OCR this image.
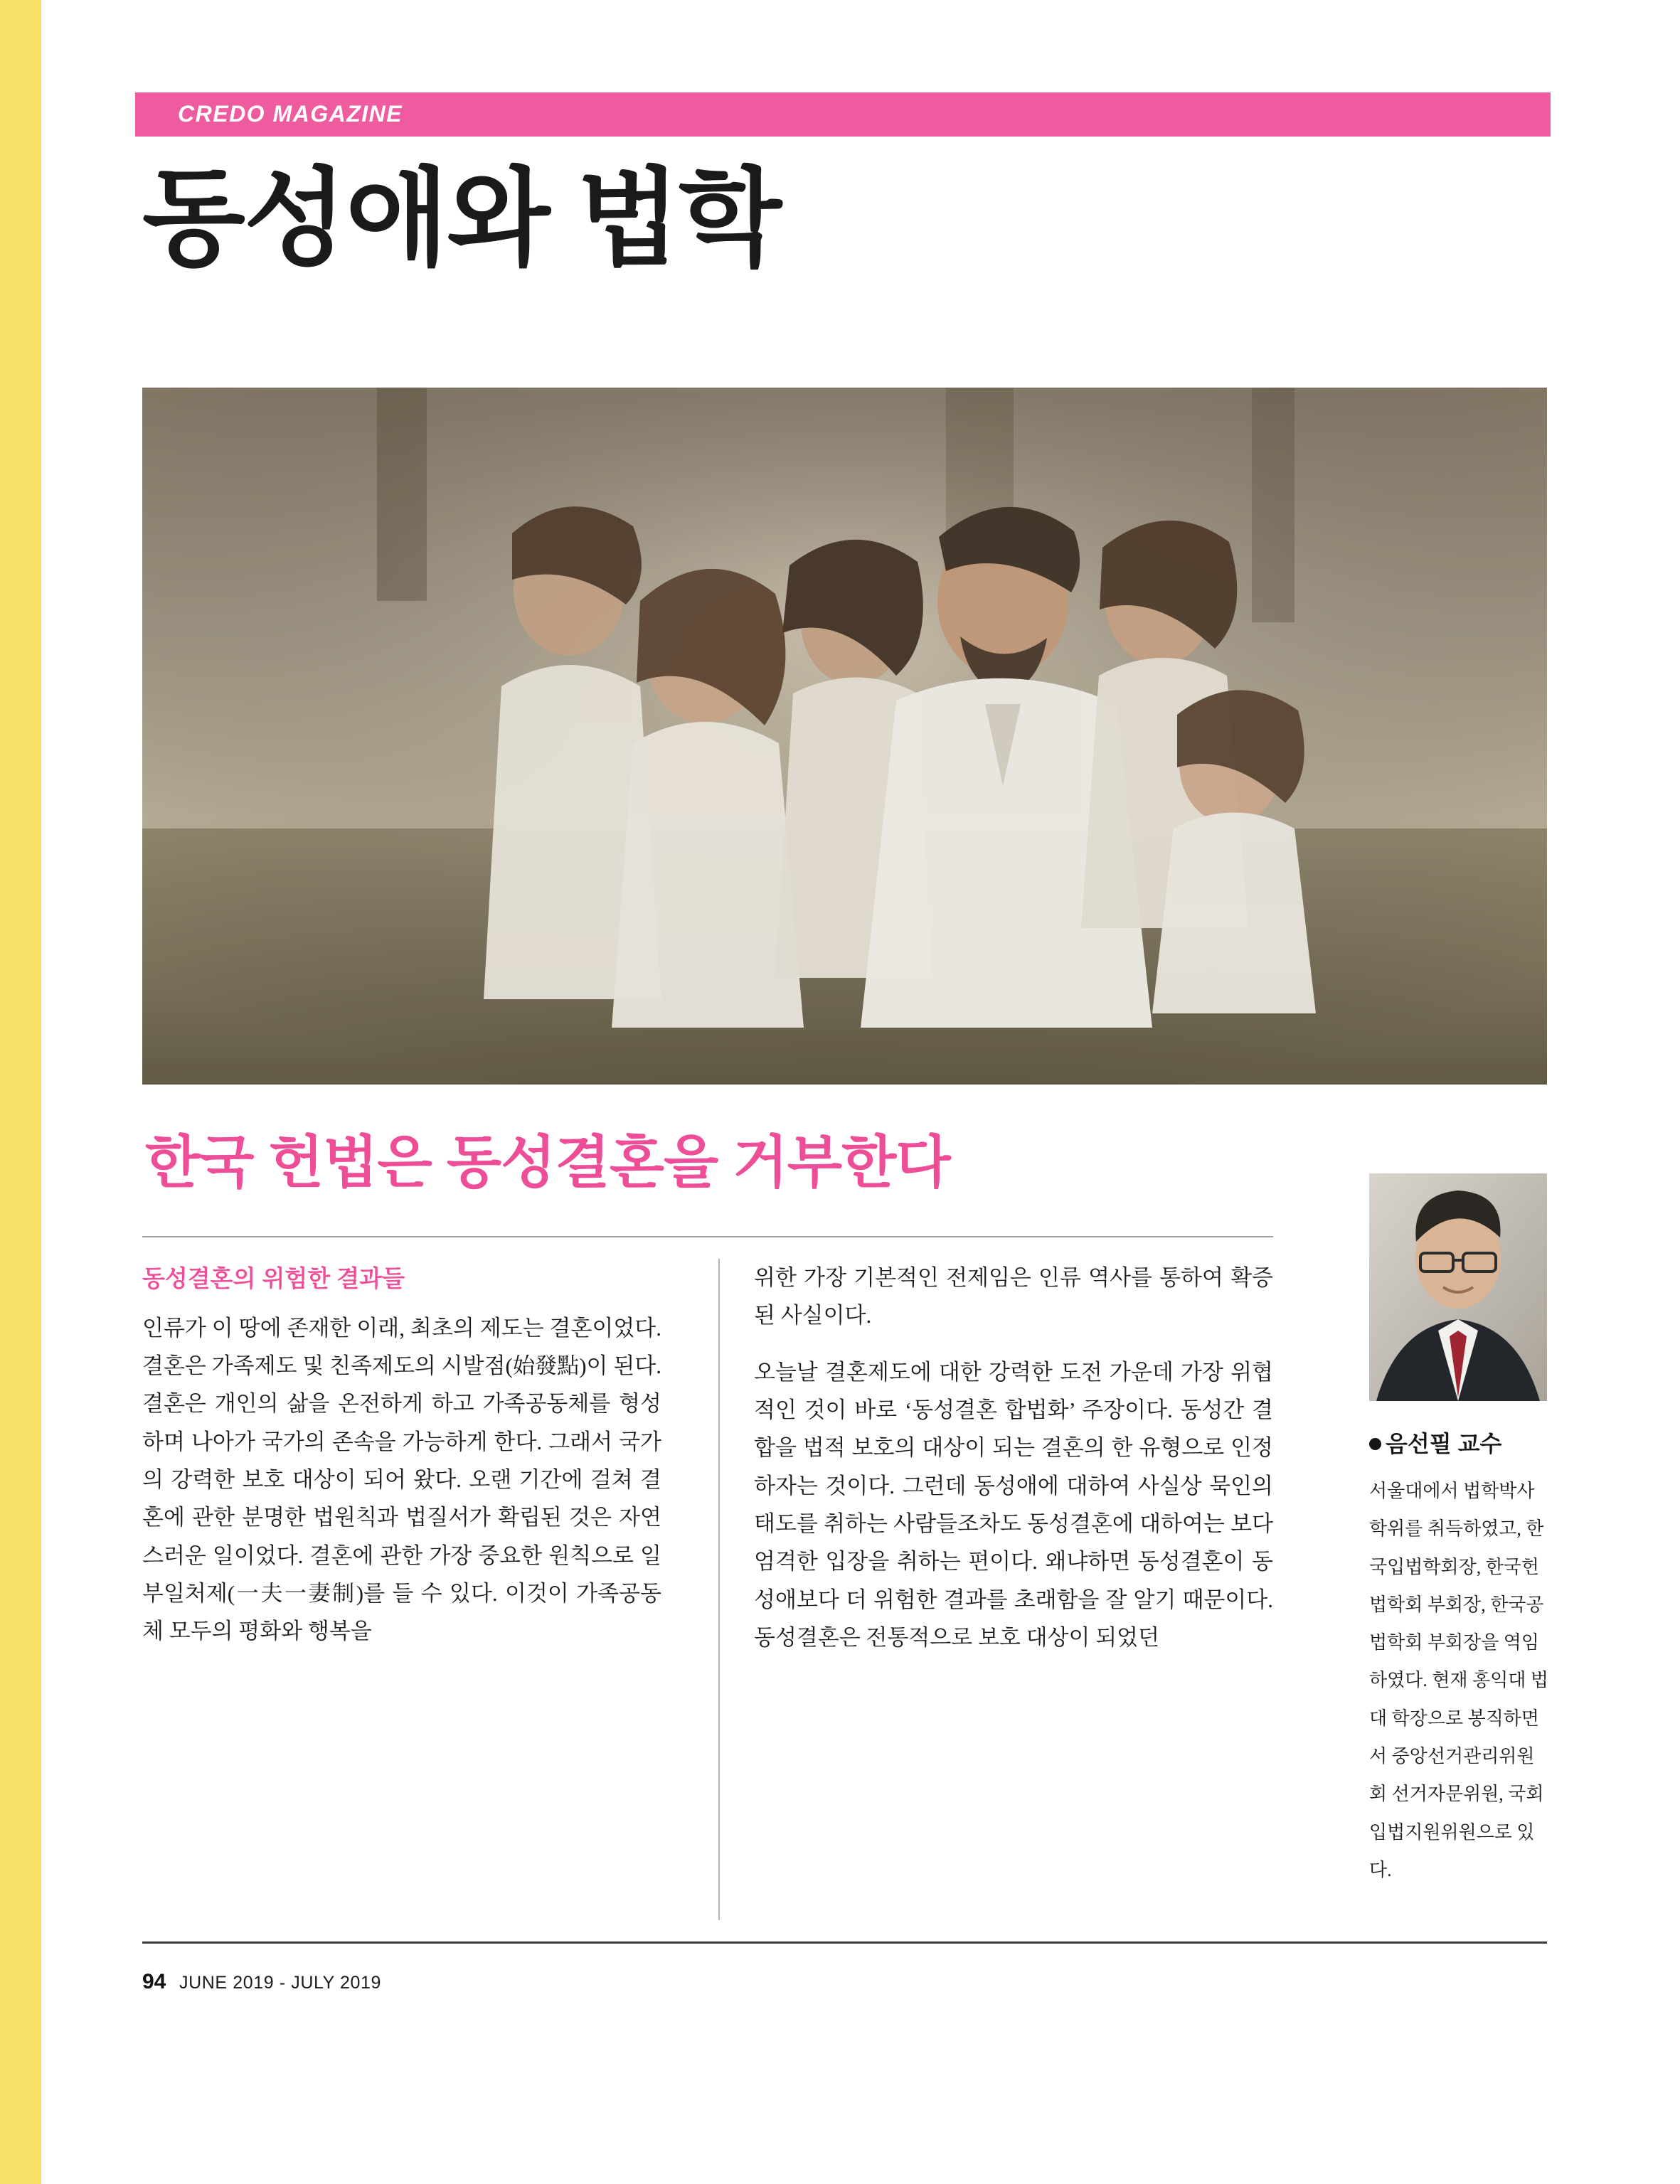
CREDO MAGAZINE
동성애와 법학
한국 헌법은 동성결혼을 거부한다
동성결혼의 위험한 결과들

인류가 이 땅에 존재한 이래, 최초의 제도는 결혼이었다. 결혼은 가족제도 및 친족제도의 시발점(始發點)이 된다. 결혼은 개인의 삶을 온전하게 하고 가족공동체를 형성하며 나아가 국가의 존속을 가능하게 한다. 그래서 국가의 강력한 보호 대상이 되어 왔다. 오랜 기간에 걸쳐 결혼에 관한 분명한 법원칙과 법질서가 확립된 것은 자연스러운 일이었다. 결혼에 관한 가장 중요한 원칙으로 일부일처제(一夫一妻制)를 들 수 있다. 이것이 가족공동체 모두의 평화와 행복을

위한 가장 기본적인 전제임은 인류 역사를 통하여 확증된 사실이다.

오늘날 결혼제도에 대한 강력한 도전 가운데 가장 위협적인 것이 바로 ‘동성결혼 합법화’ 주장이다. 동성간 결합을 법적 보호의 대상이 되는 결혼의 한 유형으로 인정하자는 것이다. 그런데 동성애에 대하여 사실상 묵인의 태도를 취하는 사람들조차도 동성결혼에 대하여는 보다 엄격한 입장을 취하는 편이다. 왜냐하면 동성결혼이 동성애보다 더 위험한 결과를 초래함을 잘 알기 때문이다. 동성결혼은 전통적으로 보호 대상이 되었던

음선필 교수
서울대에서 법학박사학위를 취득하였고, 한국입법학회장, 한국헌법학회 부회장, 한국공법학회 부회장을 역임하였다. 현재 홍익대 법대 학장으로 봉직하면서 중앙선거관리위원회 선거자문위원, 국회 입법지원위원으로 있다.
94 JUNE 2019 - JULY 2019
